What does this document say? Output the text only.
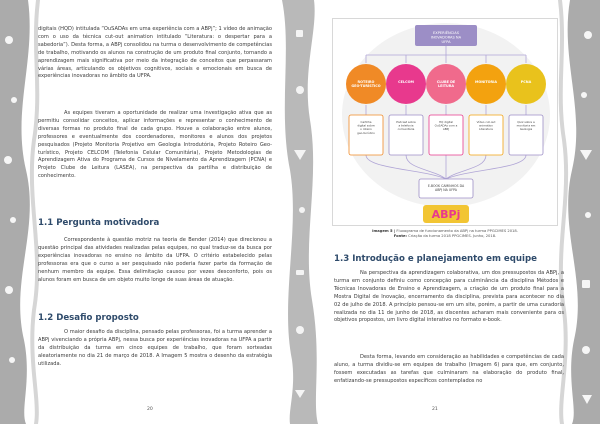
digitais (HQD) intitulada “OuSADAs em uma experiência com a ABPj”; 1 vídeo de animação com o uso da técnica cut-out animation intitulado “Literatura: o despertar para a sabedoria”). Desta forma, a ABPj consolidou na turma o desenvolvimento de competências de trabalho, motivando os alunos na construção de um produto final conjunto, tornando a aprendizagem mais significativa por meio da integração de conceitos que perpassaram várias áreas, articulando os objetivos cognitivos, sociais e emocionais em busca de experiências inovadoras no âmbito da UFPA.

As equipes tiveram a oportunidade de realizar uma investigação ativa que as permitiu consolidar conceitos, aplicar informações e representar o conhecimento de diversas formas no produto final de cada grupo. Houve a colaboração entre alunos, professores e eventualmente dos coordenadores, monitores e alunos dos projetos pesquisados (Projeto Monitoria Projetivo em Geologia Introdutória, Projeto Roteiro Geo-turístico, Projeto CELCOM (Telefonia Celular Comunitária), Projeto Metodologias de Aprendizagem Ativa do Programa de Cursos de Nivelamento da Aprendizagem (PCNA) e Projeto Clube de Leitura (LASEA), na perspectiva da partilha e distribuição de conhecimento.

1.1 Pergunta motivadora

Correspondente à questão motriz na teoria de Bender (2014) que direcionou a questão principal das atividades realizadas pelas equipes, no qual traduz-se da busca por experiências inovadoras no ensino no âmbito da UFPA. O critério estabelecido pelas professoras era que o curso a ser pesquisado não poderia fazer parte da formação de nenhum membro da equipe. Essa delimitação causou por vezes desconforto, pois os alunos foram em busca de um objeto muito longe de suas áreas de atuação.

1.2 Desafio proposto

O maior desafio da disciplina, pensado pelas professoras, foi a turma aprender a ABPj vivenciando a própria ABPj, nessa busca por experiências inovadoras na UFPA a partir da distribuição da turma em cinco equipes de trabalho, que foram sorteadas aleatoriamente no dia 21 de março de 2018. A Imagem 5 mostra o desenho da estratégia utilizada.

20
EXPERIÊNCIAS INOVADORAS NA UFPA
ROTEIRO GEO-TURÍSTICO
CELCOM	CLUBE DE LEITURA
MONITORIA	PCNA
Cartilha digital sobre o roteiro geo-turístico
Podcast sobre a telefonia comunitária
HQ digital OuSADAs com a ABPj
Vídeo cut-out animation Literatura
Quiz sobre a monitoria em Geologia
E-BOOK CAMINHOS DA ABPJ NA UFPA
ABPj
Imagem 5 | Fluxograma de funcionamento da ABPj na turma PPGCIMES 2018.
Fonte: Criação da turma 2018 PPGCIMES. Junho, 2018.
1.3 Introdução e planejamento em equipe

Na perspectiva da aprendizagem colaborativa, um dos pressupostos da ABPj, a turma em conjunto definiu como concepção para culminância da disciplina Métodos e Técnicas Inovadoras de Ensino e Aprendizagem, a criação de um produto final para a Mostra Digital de Inovação, encerramento da disciplina, prevista para acontecer no dia 02 de julho de 2018. A princípio pensou-se em um site, porém, a partir de uma curadoria realizada no dia 11 de junho de 2018, as discentes acharam mais conveniente para os objetivos propostos, um livro digital interativo no formato e-book.

Desta forma, levando em consideração as habilidades e competências de cada aluno, a turma dividiu-se em equipes de trabalho (Imagem 6) para que, em conjunto, fossem executadas as tarefas que culminaram na elaboração do produto final, enfatizando-se pressupostos específicos contemplados no

21
